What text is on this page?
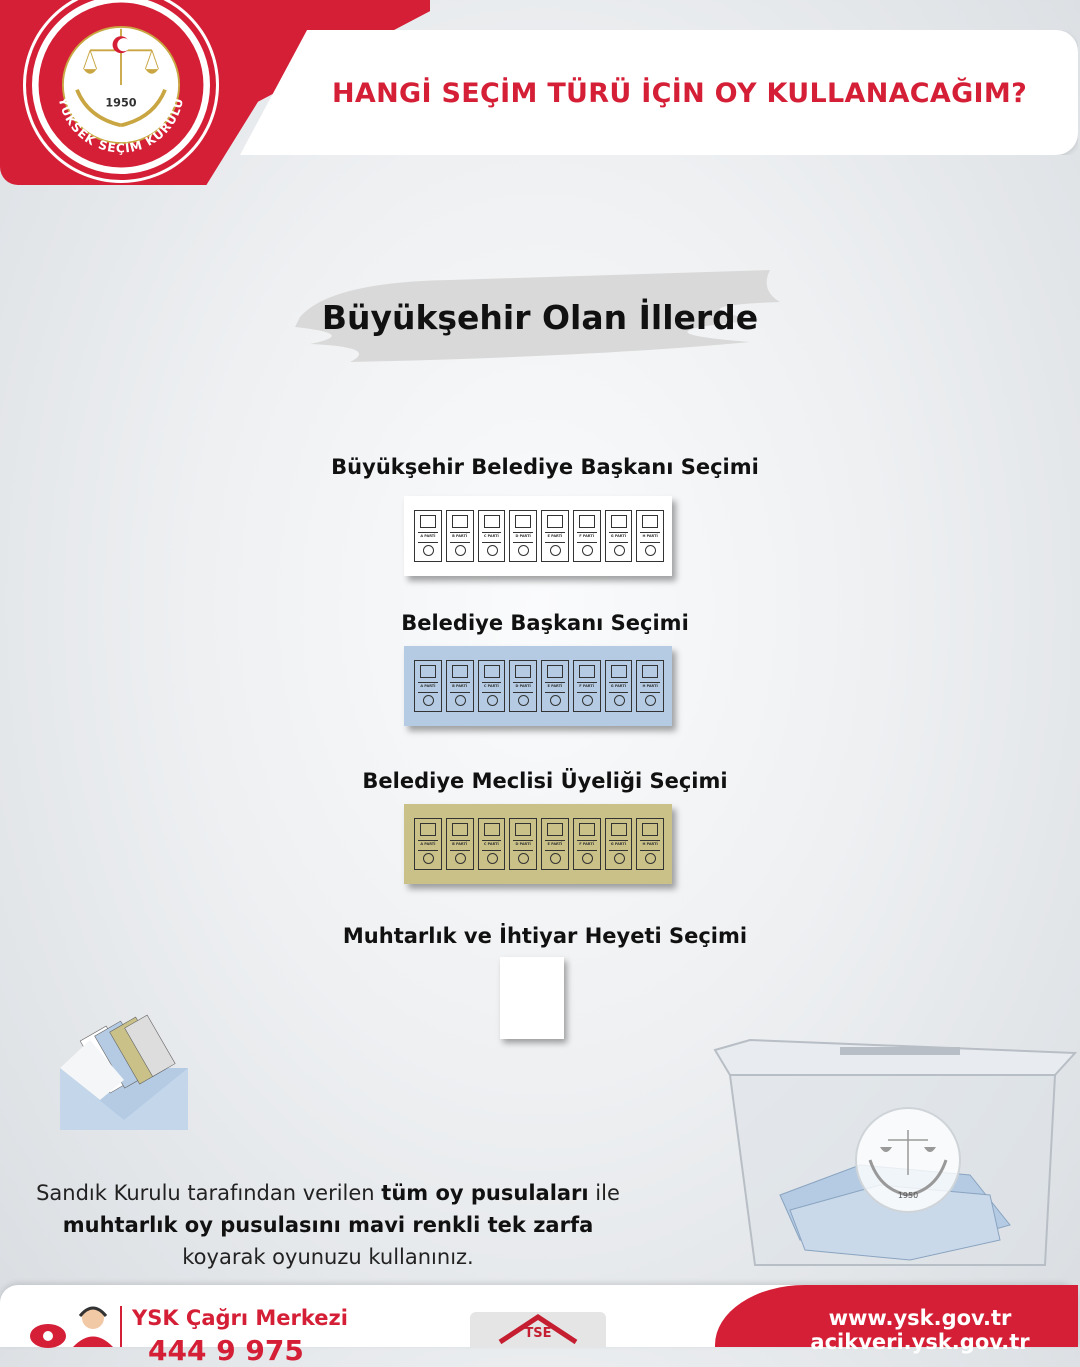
HANGİ SEÇİM TÜRÜ İÇİN OY KULLANACAĞIM?
1950
YÜKSEK SEÇİM KURULU
Büyükşehir Olan İllerde
Büyükşehir Belediye Başkanı Seçimi
A PARTİ	B PARTİ	C PARTİ	D PARTİ	E PARTİ	F PARTİ	G PARTİ	H PARTİ
Belediye Başkanı Seçimi
A PARTİ	B PARTİ	C PARTİ	D PARTİ	E PARTİ	F PARTİ	G PARTİ	H PARTİ
Belediye Meclisi Üyeliği Seçimi
A PARTİ	B PARTİ	C PARTİ	D PARTİ	E PARTİ	F PARTİ	G PARTİ	H PARTİ
Muhtarlık ve İhtiyar Heyeti Seçimi
1950
Sandık Kurulu tarafından verilen tüm oy pusulaları ile
muhtarlık oy pusulasını mavi renkli tek zarfa koyarak oyunuzu kullanınız.
YSK Çağrı Merkezi
444 9 975
TSE
www.ysk.gov.tr
acikveri.ysk.gov.tr
